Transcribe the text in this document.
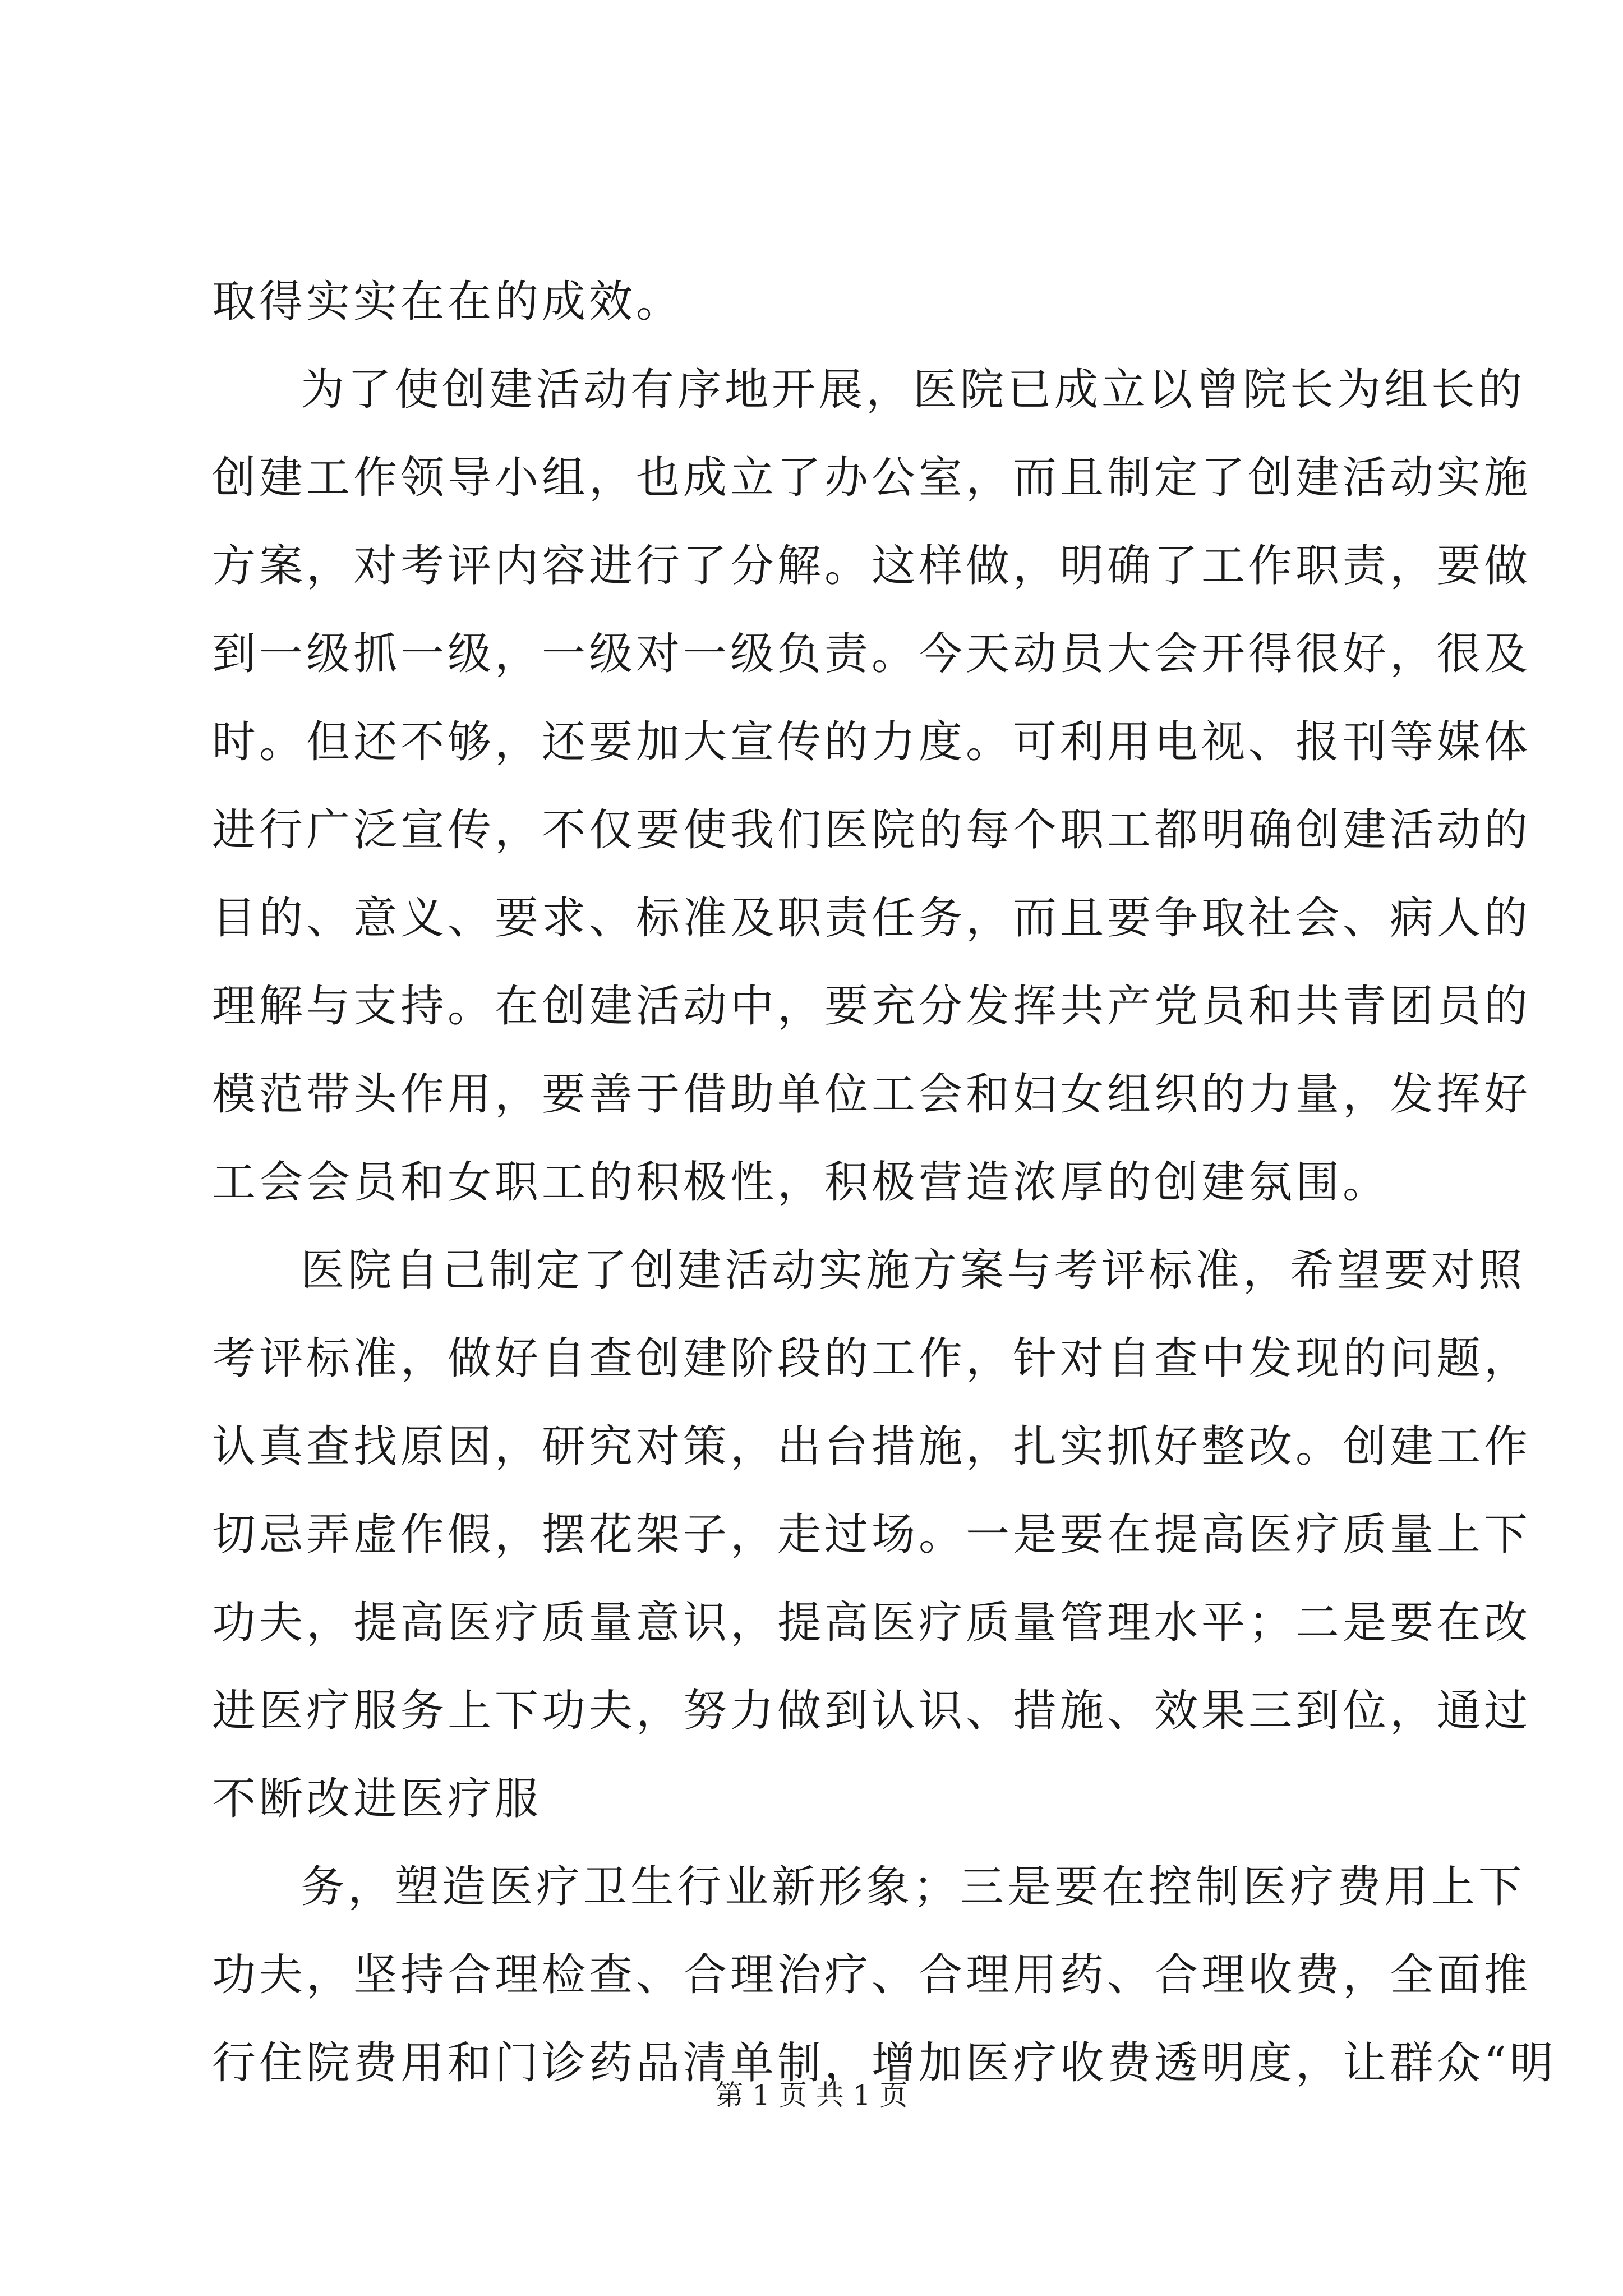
取得实实在在的成效。
为了使创建活动有序地开展，医院已成立以曾院长为组长的
创建工作领导小组，也成立了办公室，而且制定了创建活动实施
方案，对考评内容进行了分解。这样做，明确了工作职责，要做
到一级抓一级，一级对一级负责。今天动员大会开得很好，很及
时。但还不够，还要加大宣传的力度。可利用电视、报刊等媒体
进行广泛宣传，不仅要使我们医院的每个职工都明确创建活动的
目的、意义、要求、标准及职责任务，而且要争取社会、病人的
理解与支持。在创建活动中，要充分发挥共产党员和共青团员的
模范带头作用，要善于借助单位工会和妇女组织的力量，发挥好
工会会员和女职工的积极性，积极营造浓厚的创建氛围。
医院自己制定了创建活动实施方案与考评标准，希望要对照
考评标准，做好自查创建阶段的工作，针对自查中发现的问题，
认真查找原因，研究对策，出台措施，扎实抓好整改。创建工作
切忌弄虚作假，摆花架子，走过场。一是要在提高医疗质量上下
功夫，提高医疗质量意识，提高医疗质量管理水平；二是要在改
进医疗服务上下功夫，努力做到认识、措施、效果三到位，通过
不断改进医疗服
务，塑造医疗卫生行业新形象；三是要在控制医疗费用上下
功夫，坚持合理检查、合理治疗、合理用药、合理收费，全面推
行住院费用和门诊药品清单制，增加医疗收费透明度，让群众“明
第 1 页 共 1 页
